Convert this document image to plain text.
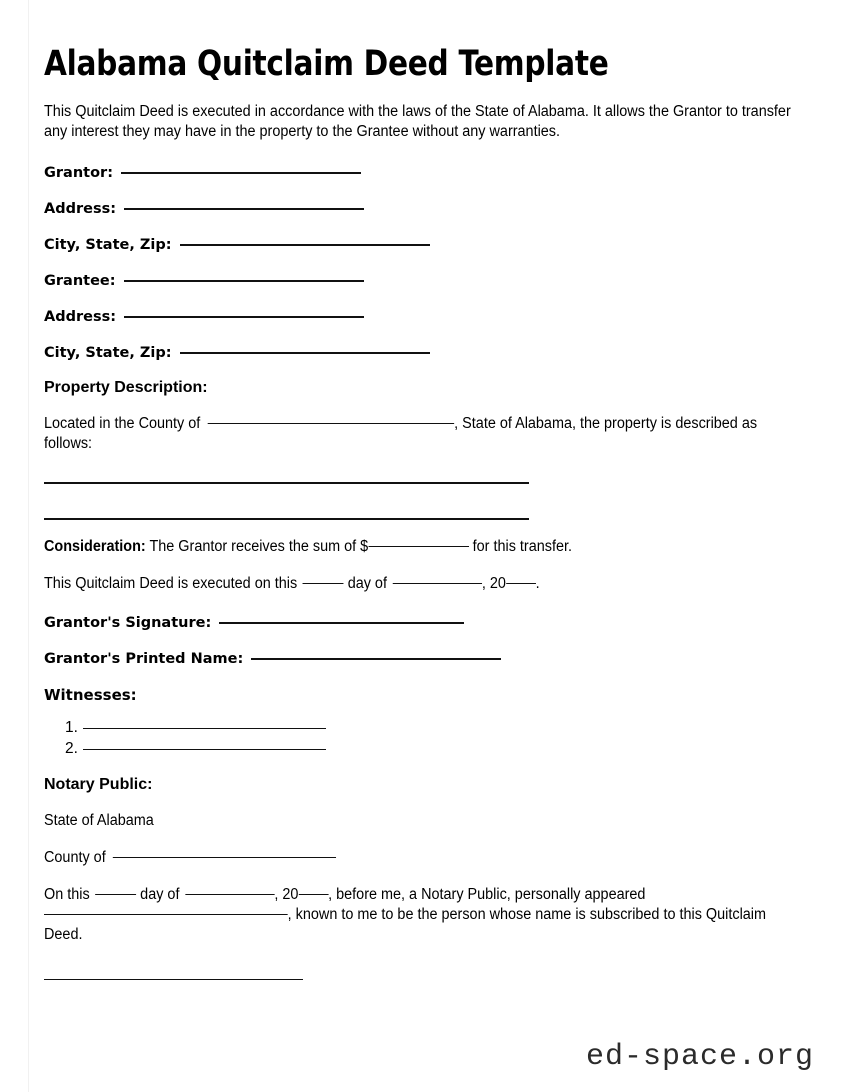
Alabama Quitclaim Deed Template

This Quitclaim Deed is executed in accordance with the laws of the State of Alabama. It allows the Grantor to transfer any interest they may have in the property to the Grantee without any warranties.

Grantor:
Address:
City, State, Zip:
Grantee:
Address:
City, State, Zip:
Property Description:
Located in the County of	, State of Alabama, the property is described as follows:
Consideration: The Grantor receives the sum of $	for this transfer.
This Quitclaim Deed is executed on this	day of	, 20 .
Grantor's Signature:
Grantor's Printed Name:
Witnesses:
1.
2.
Notary Public:
State of Alabama
County of
On this	day of	, 20 , before me, a Notary Public, personally appeared, known to me to be the person whose name is subscribed to this Quitclaim Deed.
ed-space.org
